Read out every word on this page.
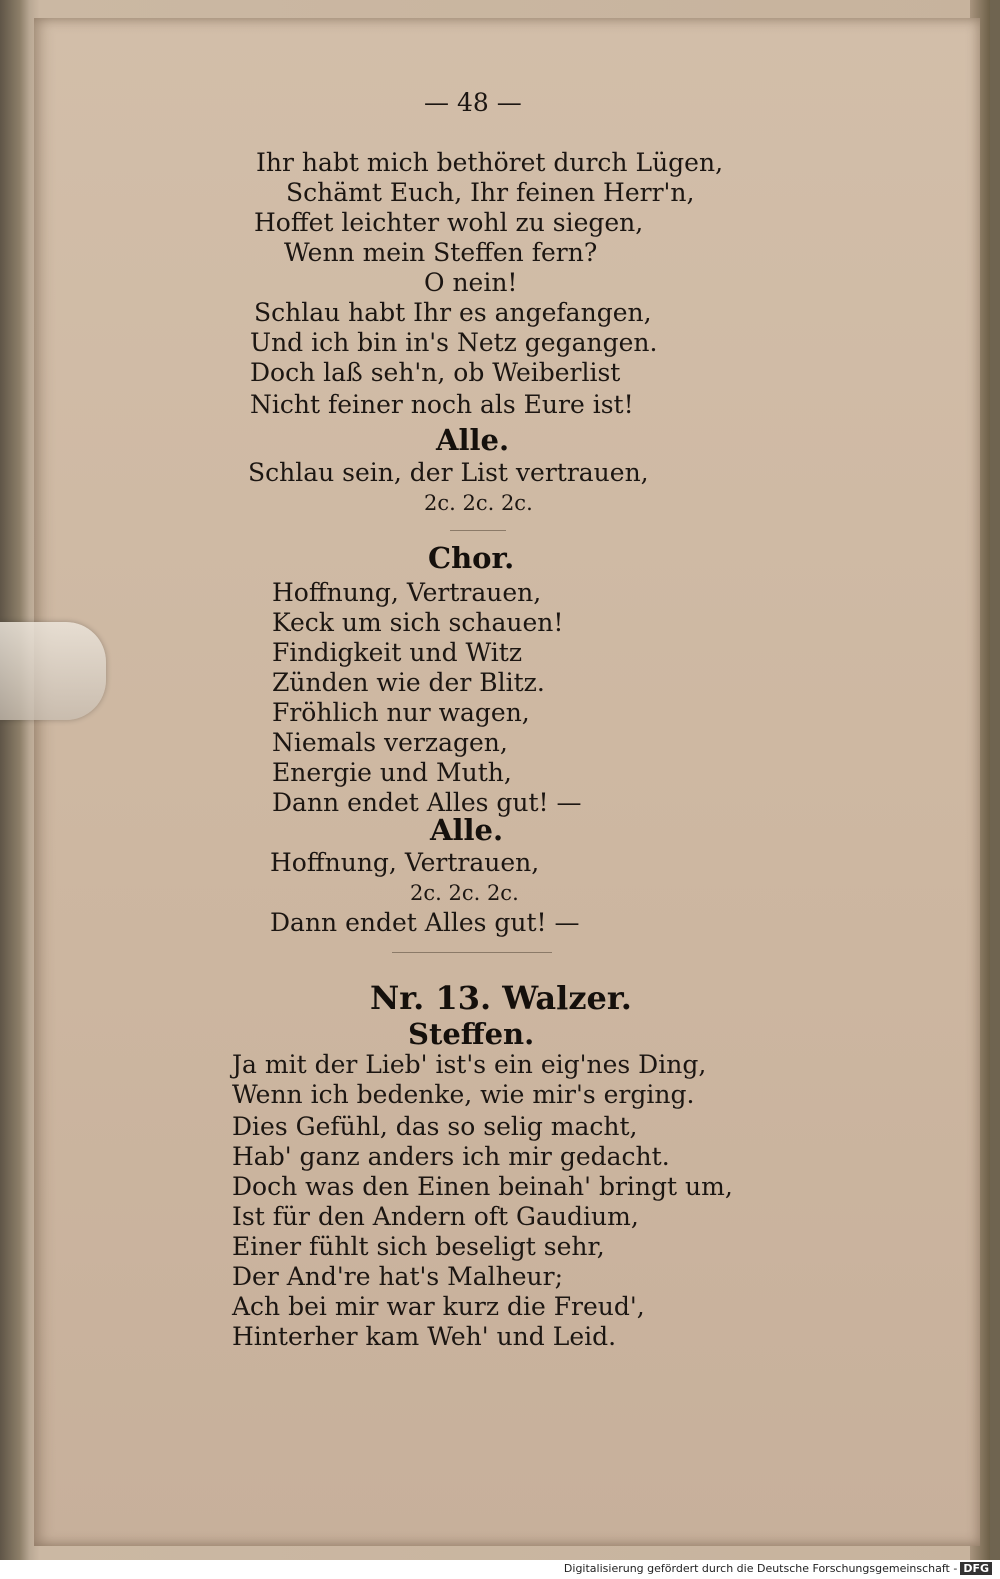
— 48 —
Ihr habt mich bethöret durch Lügen,
Schämt Euch, Ihr feinen Herr'n,
Hoffet leichter wohl zu siegen,
Wenn mein Steffen fern?
O nein!
Schlau habt Ihr es angefangen,
Und ich bin in's Netz gegangen.
Doch laß seh'n, ob Weiberlist
Nicht feiner noch als Eure ist!
Alle.
Schlau sein, der List vertrauen,
2c. 2c. 2c.
Chor.
Hoffnung, Vertrauen,
Keck um sich schauen!
Findigkeit und Witz
Zünden wie der Blitz.
Fröhlich nur wagen,
Niemals verzagen,
Energie und Muth,
Dann endet Alles gut! —
Alle.
Hoffnung, Vertrauen,
2c. 2c. 2c.
Dann endet Alles gut! —
Nr. 13. Walzer.
Steffen.
Ja mit der Lieb' ist's ein eig'nes Ding,
Wenn ich bedenke, wie mir's erging.
Dies Gefühl, das so selig macht,
Hab' ganz anders ich mir gedacht.
Doch was den Einen beinah' bringt um,
Ist für den Andern oft Gaudium,
Einer fühlt sich beseligt sehr,
Der And're hat's Malheur;
Ach bei mir war kurz die Freud',
Hinterher kam Weh' und Leid.
Digitalisierung gefördert durch die Deutsche Forschungsgemeinschaft - DFG
